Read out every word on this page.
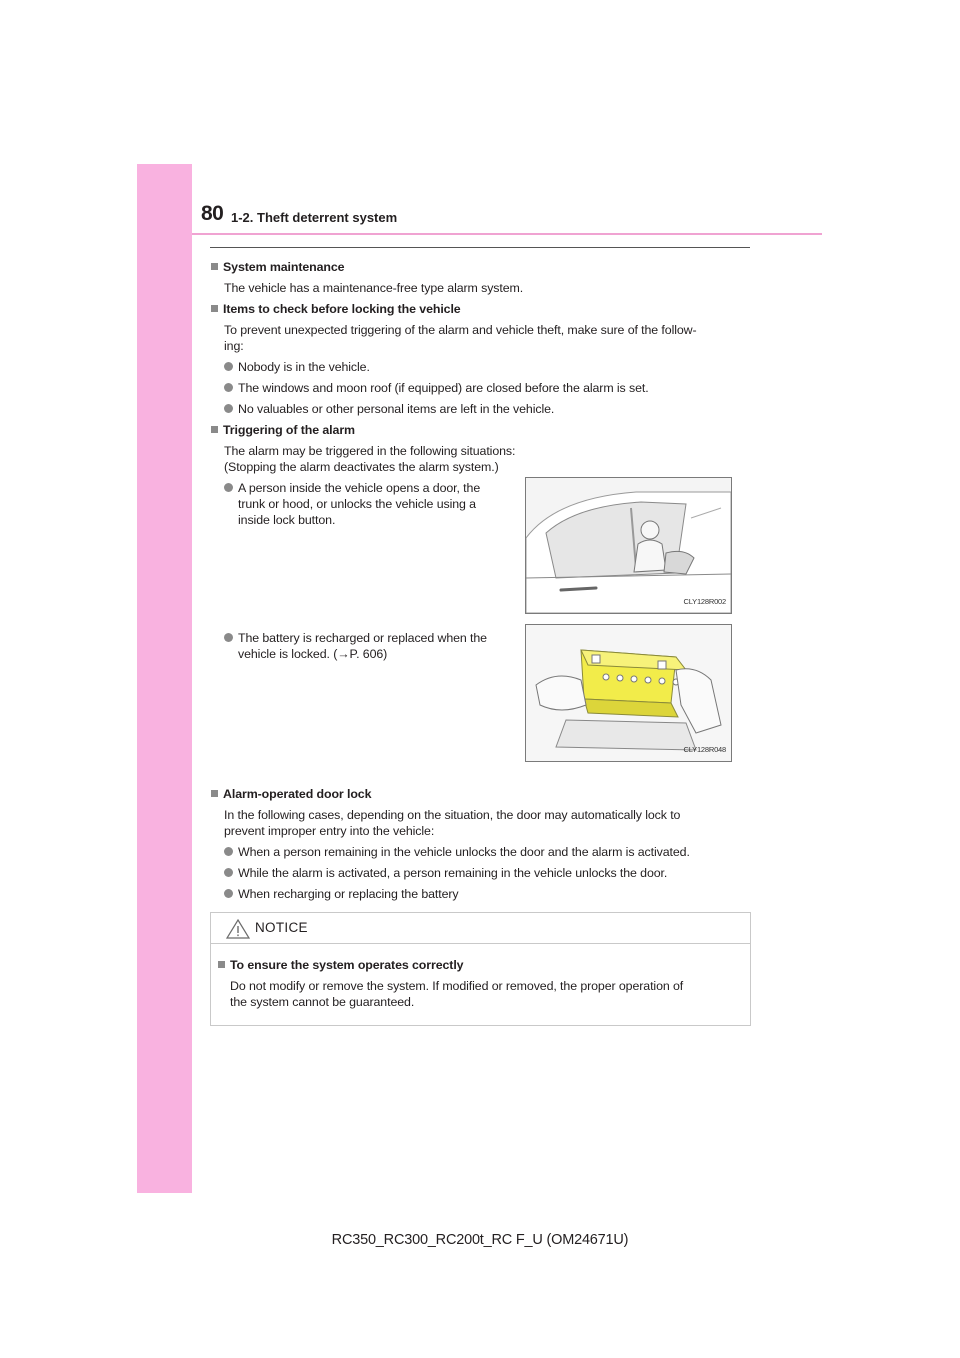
80 1-2. Theft deterrent system
System maintenance
The vehicle has a maintenance-free type alarm system.
Items to check before locking the vehicle
To prevent unexpected triggering of the alarm and vehicle theft, make sure of the follow-
ing:
Nobody is in the vehicle.
The windows and moon roof (if equipped) are closed before the alarm is set.
No valuables or other personal items are left in the vehicle.
Triggering of the alarm
The alarm may be triggered in the following situations:
(Stopping the alarm deactivates the alarm system.)
A person inside the vehicle opens a door, the
trunk or hood, or unlocks the vehicle using a
inside lock button.
CLY128R002
The battery is recharged or replaced when the
vehicle is locked. (→P. 606)
CLY128R048
Alarm-operated door lock
In the following cases, depending on the situation, the door may automatically lock to
prevent improper entry into the vehicle:
When a person remaining in the vehicle unlocks the door and the alarm is activated.
While the alarm is activated, a person remaining in the vehicle unlocks the door.
When recharging or replacing the battery
NOTICE
To ensure the system operates correctly
Do not modify or remove the system. If modified or removed, the proper operation of
the system cannot be guaranteed.
RC350_RC300_RC200t_RC F_U (OM24671U)
